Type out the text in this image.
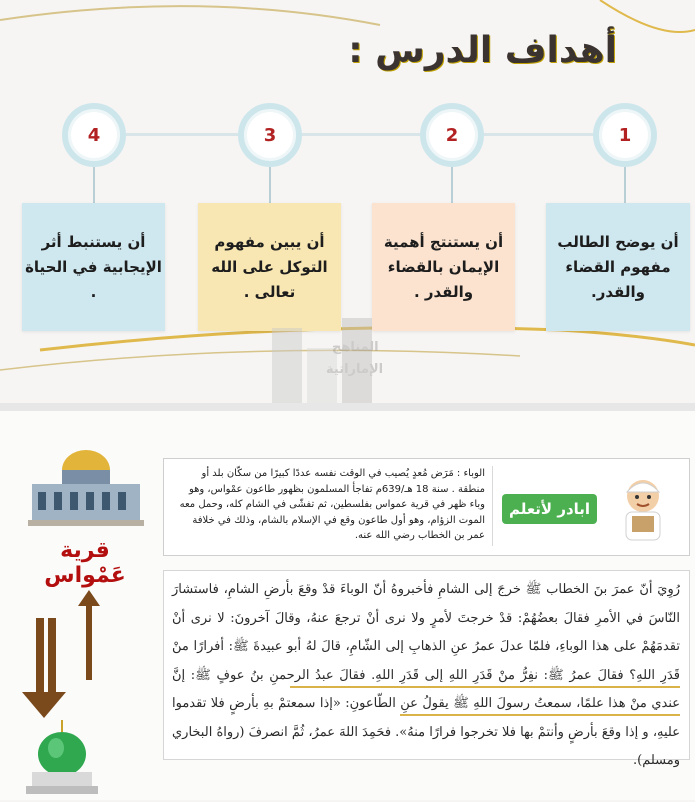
أهداف الدرس :
1
2
3
4
أن يوضح الطالب مفهوم القضاء والقدر.
أن يستنتج أهمية الإيمان بالقضاء والقدر .
أن يبين مفهوم التوكل على الله تعالى .
أن يستنبط أثر الإيجابية في الحياة .
المناهج
الإماراتية
قرية عَمْواس
الوباء : مَرَض مُعدٍ يُصيب في الوقت نفسه عددًا كبيرًا من سكّان بلد أو منطقة . سنة 18 هـ/639م تفاجأ المسلمون بظهور طاعون عمْواس، وهو وباء ظهر في قرية عمواس بفلسطين، ثم تفشّى في الشام كله، وحمل معه الموت الزؤام، وهو أول طاعون وقع في الإسلام بالشام، وذلك في خلافة عمر بن الخطاب رضي الله عنه.
ابادر لأتعلم
رُوِيَ أنّ عمرَ بنَ الخطاب ﷺ خرجَ إلى الشامِ فأخبروهُ أنّ الوباءَ قدْ وقعَ بأرضِ الشامِ، فاستشارَ النّاسَ في الأمرِ فقالَ بعضُهُمْ: قدْ خرجتَ لأمرٍ ولا نرى أنْ ترجعَ عنهُ، وقالَ آخرونَ: لا نرى أنْ تقدمَهُمْ على هذا الوباءِ، فلمّا عدلَ عمرُ عنِ الذهابِ إلى الشّامِ، قالَ لهُ أبو عبيدةَ ﷺ: أفرارًا منْ قَدَرِ اللهِ؟ فقالَ عمرُ ﷺ: نفِرُّ منْ قَدَرِ اللهِ إلى قَدَرِ اللهِ. فقالَ عبدُ الرحمنِ بنُ عوفٍ ﷺ: إنَّ عندي منْ هذا علمًا، سمعتُ رسولَ اللهِ ﷺ يقولُ عنِ الطّاعونِ: «إذا سمعتمْ بهِ بأرضٍ فلا تقدموا عليهِ، و إذا وقعَ بأرضٍ وأنتمْ بها فلا تخرجوا فرارًا منهُ». فحَمِدَ اللهَ عمرُ، ثُمَّ انصرفَ (رواهُ البخاري ومسلم).
